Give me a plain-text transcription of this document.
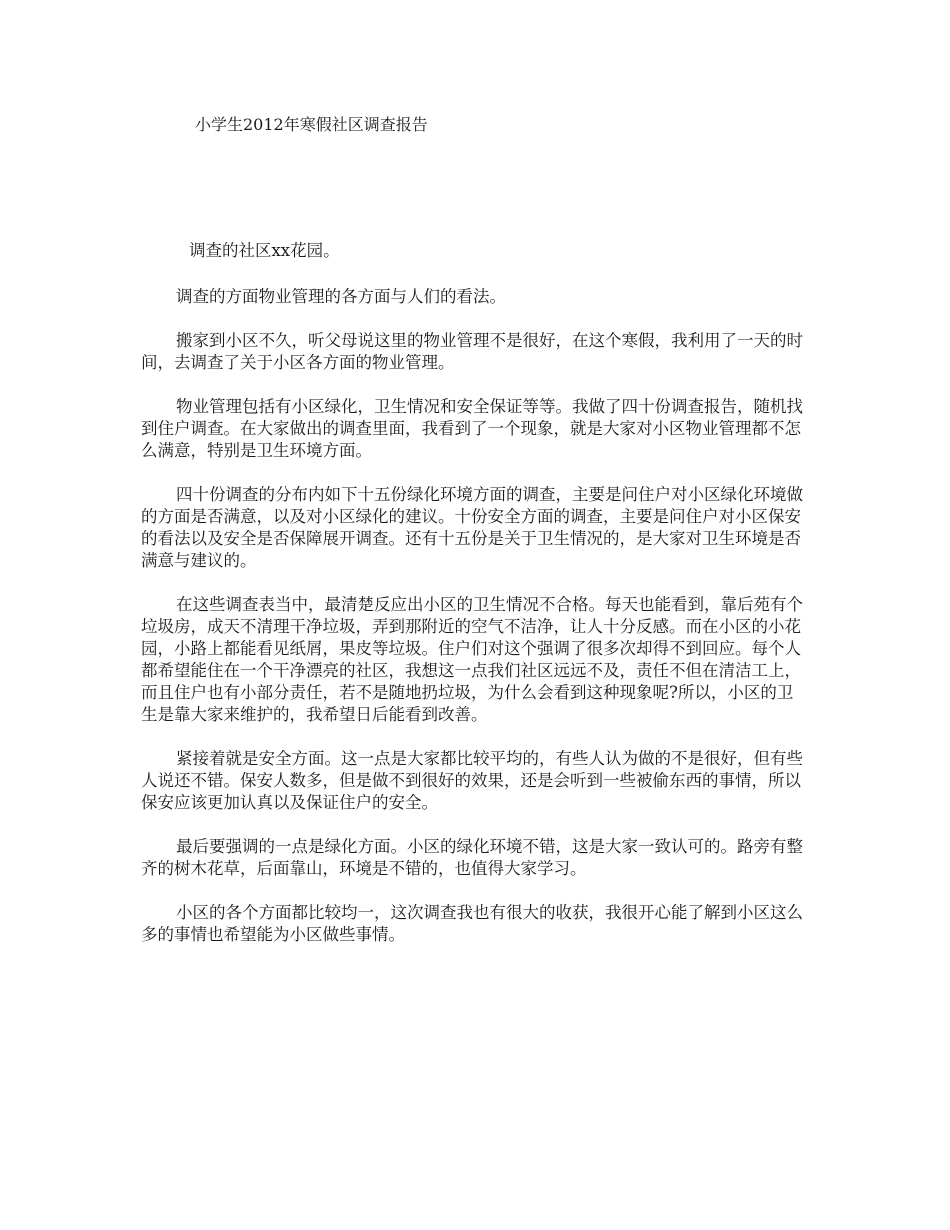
小学生2012年寒假社区调查报告

调查的社区xx花园。

调查的方面物业管理的各方面与人们的看法。

搬家到小区不久，听父母说这里的物业管理不是很好，在这个寒假，我利用了一天的时间，去调查了关于小区各方面的物业管理。

物业管理包括有小区绿化，卫生情况和安全保证等等。我做了四十份调查报告，随机找到住户调查。在大家做出的调查里面，我看到了一个现象，就是大家对小区物业管理都不怎么满意，特别是卫生环境方面。

四十份调查的分布内如下十五份绿化环境方面的调查，主要是问住户对小区绿化环境做的方面是否满意，以及对小区绿化的建议。十份安全方面的调查，主要是问住户对小区保安的看法以及安全是否保障展开调查。还有十五份是关于卫生情况的，是大家对卫生环境是否满意与建议的。

在这些调查表当中，最清楚反应出小区的卫生情况不合格。每天也能看到，靠后苑有个垃圾房，成天不清理干净垃圾，弄到那附近的空气不洁净，让人十分反感。而在小区的小花园，小路上都能看见纸屑，果皮等垃圾。住户们对这个强调了很多次却得不到回应。每个人都希望能住在一个干净漂亮的社区，我想这一点我们社区远远不及，责任不但在清洁工上，而且住户也有小部分责任，若不是随地扔垃圾，为什么会看到这种现象呢?所以，小区的卫生是靠大家来维护的，我希望日后能看到改善。

紧接着就是安全方面。这一点是大家都比较平均的，有些人认为做的不是很好，但有些人说还不错。保安人数多，但是做不到很好的效果，还是会听到一些被偷东西的事情，所以保安应该更加认真以及保证住户的安全。

最后要强调的一点是绿化方面。小区的绿化环境不错，这是大家一致认可的。路旁有整齐的树木花草，后面靠山，环境是不错的，也值得大家学习。

小区的各个方面都比较均一，这次调查我也有很大的收获，我很开心能了解到小区这么多的事情也希望能为小区做些事情。
